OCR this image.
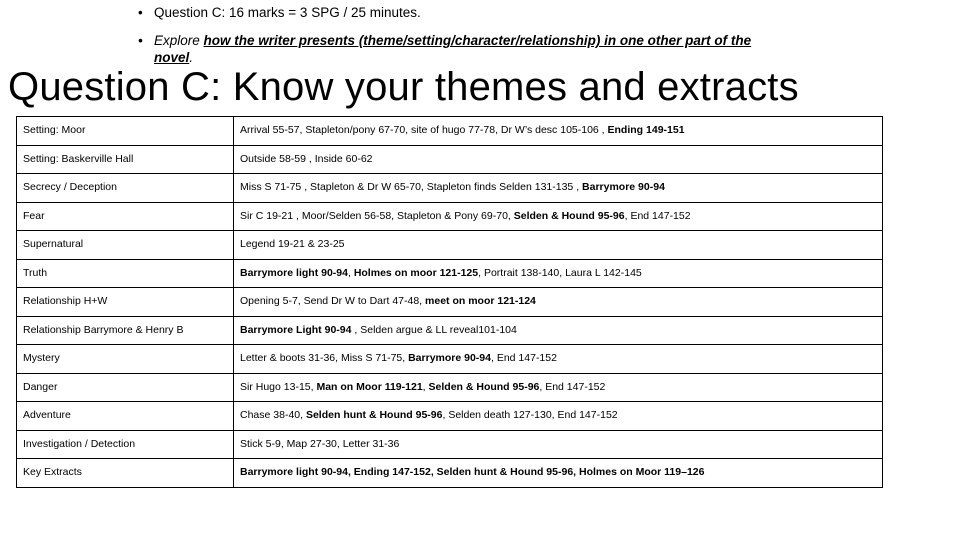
• Question C: 16 marks = 3 SPG / 25 minutes.
• Explore how the writer presents (theme/setting/character/relationship) in one other part of the novel.
Question C: Know your themes and extracts
Setting: Moor	Arrival 55-57, Stapleton/pony 67-70, site of hugo 77-78, Dr W’s desc 105-106 , Ending 149-151
Setting: Baskerville Hall	Outside 58-59 , Inside 60-62
Secrecy / Deception	Miss S 71-75 , Stapleton & Dr W 65-70, Stapleton finds Selden 131-135 , Barrymore 90-94
Fear	Sir C 19-21 , Moor/Selden 56-58, Stapleton & Pony 69-70, Selden & Hound 95-96, End 147-152
Supernatural	Legend 19-21 & 23-25
Truth	Barrymore light 90-94, Holmes on moor 121-125, Portrait 138-140, Laura L 142-145
Relationship H+W	Opening 5-7, Send Dr W to Dart 47-48, meet on moor 121-124
Relationship Barrymore & Henry B	Barrymore Light 90-94 , Selden argue & LL reveal101-104
Mystery	Letter & boots 31-36, Miss S 71-75, Barrymore 90-94, End 147-152
Danger	Sir Hugo 13-15, Man on Moor 119-121, Selden & Hound 95-96, End 147-152
Adventure	Chase 38-40, Selden hunt & Hound 95-96, Selden death 127-130, End 147-152
Investigation / Detection	Stick 5-9, Map 27-30, Letter 31-36
Key Extracts	Barrymore light 90-94, Ending 147-152, Selden hunt & Hound 95-96, Holmes on Moor 119–126
